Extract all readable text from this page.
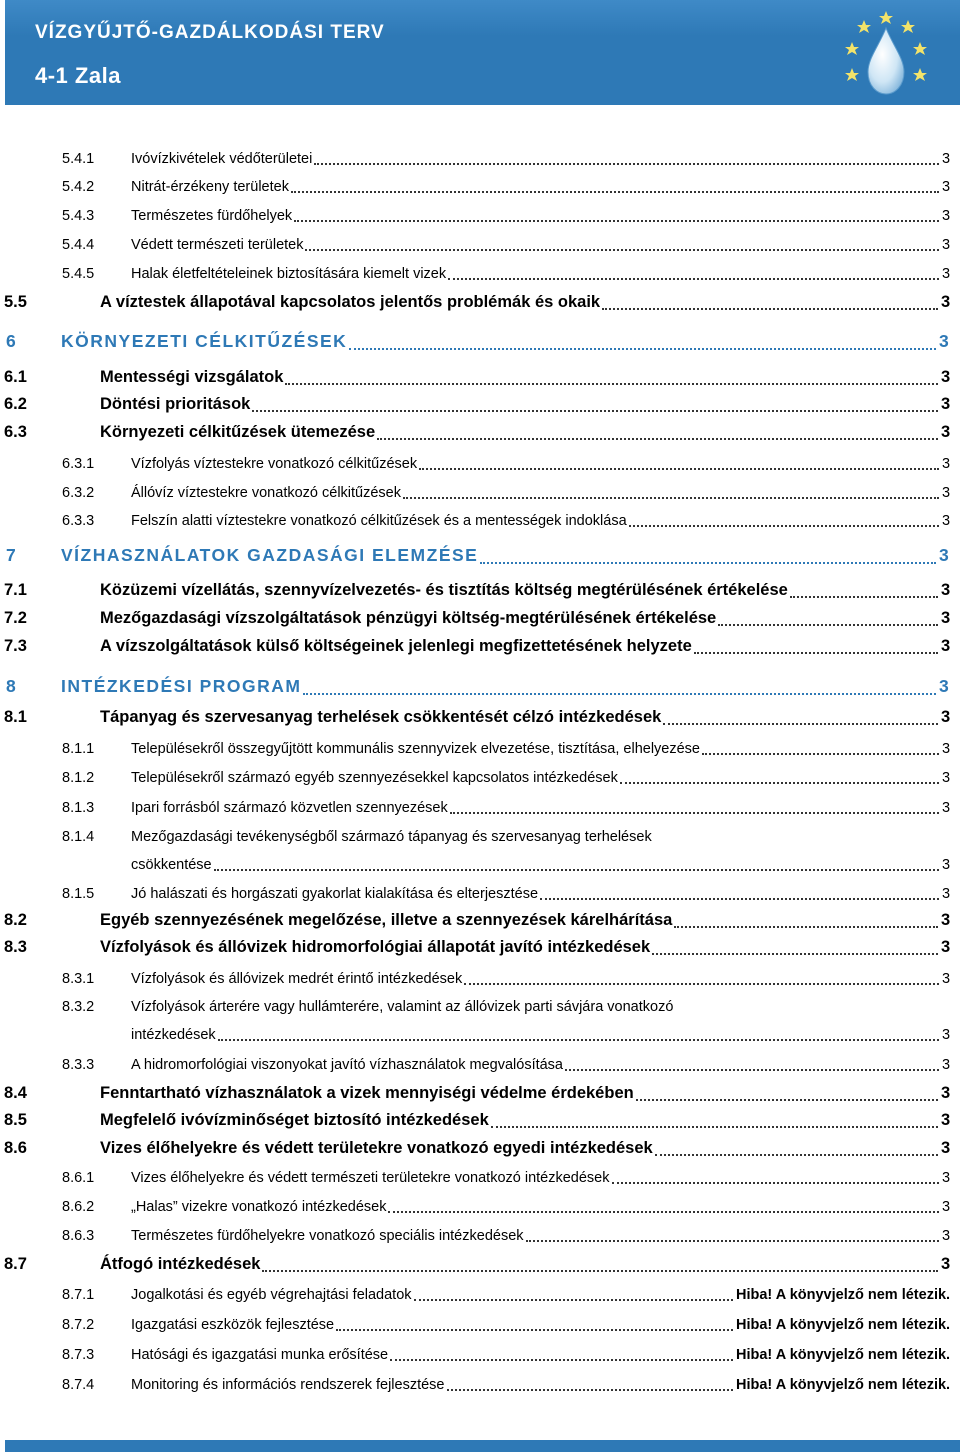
VÍZGYŰJTŐ-GAZDÁLKODÁSI TERV
4-1 Zala
5.4.1	Ivóvízkivételek védőterületei	3
5.4.2	Nitrát-érzékeny területek	3
5.4.3	Természetes fürdőhelyek	3
5.4.4	Védett természeti területek	3
5.4.5	Halak életfeltételeinek biztosítására kiemelt vizek	3
5.5	A víztestek állapotával kapcsolatos jelentős problémák és okaik	3
6	KÖRNYEZETI CÉLKITŰZÉSEK	3
6.1	Mentességi vizsgálatok	3
6.2	Döntési prioritások	3
6.3	Környezeti célkitűzések ütemezése	3
6.3.1	Vízfolyás víztestekre vonatkozó célkitűzések	3
6.3.2	Állóvíz víztestekre vonatkozó célkitűzések	3
6.3.3	Felszín alatti víztestekre vonatkozó célkitűzések és a mentességek indoklása	3
7	VÍZHASZNÁLATOK GAZDASÁGI ELEMZÉSE	3
7.1	Közüzemi vízellátás, szennyvízelvezetés- és tisztítás költség megtérülésének értékelése	3
7.2	Mezőgazdasági vízszolgáltatások pénzügyi költség-megtérülésének értékelése	3
7.3	A vízszolgáltatások külső költségeinek jelenlegi megfizettetésének helyzete	3
8	INTÉZKEDÉSI PROGRAM	3
8.1	Tápanyag és szervesanyag terhelések csökkentését célzó intézkedések	3
8.1.1	Településekről összegyűjtött kommunális szennyvizek elvezetése, tisztítása, elhelyezése	3
8.1.2	Településekről származó egyéb szennyezésekkel kapcsolatos intézkedések	3
8.1.3	Ipari forrásból származó közvetlen szennyezések	3
8.1.4	Mezőgazdasági tevékenységből származó tápanyag és szervesanyag terhelések
csökkentése	3
8.1.5	Jó halászati és horgászati gyakorlat kialakítása és elterjesztése	3
8.2	Egyéb szennyezésének megelőzése, illetve a szennyezések kárelhárítása	3
8.3	Vízfolyások és állóvizek hidromorfológiai állapotát javító intézkedések	3
8.3.1	Vízfolyások és állóvizek medrét érintő intézkedések	3
8.3.2	Vízfolyások árterére vagy hullámterére, valamint az állóvizek parti sávjára vonatkozó
intézkedések	3
8.3.3	A hidromorfológiai viszonyokat javító vízhasználatok megvalósítása	3
8.4	Fenntartható vízhasználatok a vizek mennyiségi védelme érdekében	3
8.5	Megfelelő ivóvízminőséget biztosító intézkedések	3
8.6	Vizes élőhelyekre és védett területekre vonatkozó egyedi intézkedések	3
8.6.1	Vizes élőhelyekre és védett természeti területekre vonatkozó intézkedések	3
8.6.2	„Halas” vizekre vonatkozó intézkedések	3
8.6.3	Természetes fürdőhelyekre vonatkozó speciális intézkedések	3
8.7	Átfogó intézkedések	3
8.7.1	Jogalkotási és egyéb végrehajtási feladatok	Hiba! A könyvjelző nem létezik.
8.7.2	Igazgatási eszközök fejlesztése	Hiba! A könyvjelző nem létezik.
8.7.3	Hatósági és igazgatási munka erősítése	Hiba! A könyvjelző nem létezik.
8.7.4	Monitoring és információs rendszerek fejlesztése	Hiba! A könyvjelző nem létezik.
